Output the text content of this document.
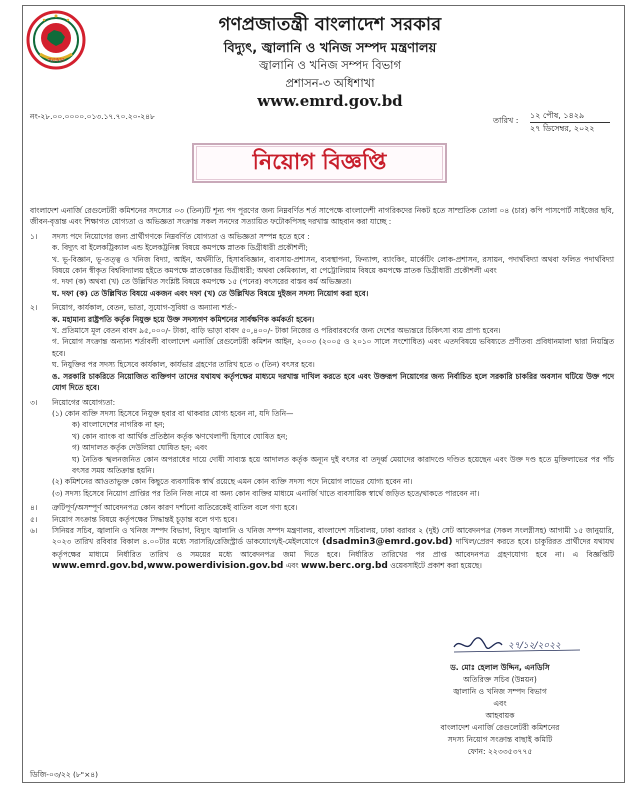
সরকার
গণপ্রজাতন্ত্রী বাংলাদেশ সরকার
বিদ্যুৎ, জ্বালানি ও খনিজ সম্পদ মন্ত্রণালয়
জ্বালানি ও খনিজ সম্পদ বিভাগ
প্রশাসন-৩ অধিশাখা
www.emrd.gov.bd
নং-২৮.০০.০০০০.০১৩.১৭.৭০.২০-২৪৮	তারিখ :
১২ পৌষ, ১৪২৯
২৭ ডিসেম্বর, ২০২২
নিয়োগ বিজ্ঞপ্তি

বাংলাদেশ এনার্জি রেগুলেটরী কমিশনের সদস্যের ০৩ (তিন)টি শূন্য পদ পূরণের জন্য নিম্নবর্ণিত শর্ত সাপেক্ষে বাংলাদেশী নাগরিকদের নিকট হতে সাম্প্রতিক তোলা ০৪ (চার) কপি পাসপোর্ট সাইজের ছবি, জীবন-বৃত্তান্ত এবং শিক্ষাগত যোগ্যতা ও অভিজ্ঞতা সংক্রান্ত সকল সনদের সত্যায়িত ফটোকপিসহ দরখাস্ত আহবান করা যাচ্ছে :

১।	সদস্য পদে নিয়োগের জন্য প্রার্থীগণকে নিম্নবর্ণিত যোগ্যতা ও অভিজ্ঞতা সম্পন্ন হতে হবে :
ক. বিদ্যুৎ বা ইলেকট্রিক্যাল এন্ড ইলেকট্রনিক্স বিষয়ে কমপক্ষে স্নাতক ডিগ্রীধারী প্রকৌশলী;
খ. ভূ-বিজ্ঞান, ভূ-তত্ত্ব ও খনিজ বিদ্যা, আইন, অর্থনীতি, হিসাববিজ্ঞান, ব্যবসায়-প্রশাসন, ব্যবস্থাপনা, ফিন্যান্স, ব্যাংকিং, মার্কেটিং লোক-প্রশাসন, রসায়ন, পদার্থবিদ্যা অথবা ফলিত পদার্থবিদ্যা বিষয়ে কোন স্বীকৃত বিশ্ববিদ্যালয় হইতে কমপক্ষে স্নাতকোত্তর ডিগ্রীধারী; অথবা কেমিক্যাল, বা পেট্রোলিয়াম বিষয়ে কমপক্ষে স্নাতক ডিগ্রীধারী প্রকৌশলী এবং
গ. দফা (ক) অথবা (খ) তে উল্লিখিত সংশ্লিষ্ট বিষয়ে কমপক্ষে ১৫ (পনের) বৎসরের বাস্তব কর্ম অভিজ্ঞতা।
ঘ. দফা (ক) তে উল্লিখিত বিষয়ে একজন এবং দফা (খ) তে উল্লিখিত বিষয়ে দুইজন সদস্য নিয়োগ করা হবে।
২।	নিয়োগ, কার্যকাল, বেতন, ভাতা, সুযোগ-সুবিধা ও অন্যান্য শর্ত:-
ক. মহামান্য রাষ্ট্রপতি কর্তৃক নিযুক্ত হয়ে উক্ত সদস্যগণ কমিশনের সার্বক্ষণিক কর্মকর্তা হবেন।
খ. প্রতিমাসে মূল বেতন বাবদ ৯৫,০০০/- টাকা, বাড়ি ভাড়া বাবদ ৫০,৪০০/- টাকা নিজের ও পরিবারবর্গের জন্য দেশের অভ্যন্তরে চিকিৎসা ব্যয় প্রাপ্য হবেন।
গ. নিয়োগ সংক্রান্ত অন্যান্য শর্তাবলী বাংলাদেশ এনার্জি রেগুলেটরী কমিশন আইন, ২০০৩ (২০০৫ ও ২০১০ সালে সংশোধিত) এবং এতদবিষয়ে ভবিষ্যতে প্রণীতব্য প্রবিধানমালা দ্বারা নিয়ন্ত্রিত হবে।
ঘ. নিযুক্তির পর সদস্য হিসেবে কার্যকাল, কার্যভার গ্রহণের তারিখ হতে ৩ (তিন) বৎসর হবে।
ঙ. সরকারি চাকরিতে নিয়োজিত ব্যক্তিগণ তাদের যথাযথ কর্তৃপক্ষের মাধ্যমে দরখাস্ত দাখিল করতে হবে এবং উক্তরূপ নিয়োগের জন্য নির্বাচিত হলে সরকারি চাকরির অবসান ঘটিয়ে উক্ত পদে যোগ দিতে হবে।
৩।	নিয়োগের অযোগ্যতা:
(১) কোন ব্যক্তি সদস্য হিসেবে নিযুক্ত হবার বা থাকবার যোগ্য হবেন না, যদি তিনি—
ক) বাংলাদেশের নাগরিক না হন;
খ) কোন ব্যাংক বা আর্থিক প্রতিষ্ঠান কর্তৃক ঋণখেলাপী হিসাবে ঘোষিত হন;
গ) আদালত কর্তৃক দেউলিয়া ঘোষিত হন; এবং
ঘ) নৈতিক স্খলনজনিত কোন অপরাধের দায়ে দোষী সাব্যস্ত হয়ে আদালত কর্তৃক অন্যূন দুই বৎসর বা তদূর্ধ্ব মেয়াদের কারাদণ্ডে দণ্ডিত হয়েছেন এবং উক্ত দণ্ড হতে মুক্তিলাভের পর পাঁচ বৎসর সময় অতিক্রান্ত হয়নি।
(২) কমিশনের আওতাভুক্ত কোন কিছুতে ব্যবসায়িক স্বার্থ রয়েছে এমন কোন ব্যক্তি সদস্য পদে নিয়োগ লাভের যোগ্য হবেন না।
(৩) সদস্য হিসেবে নিয়োগ প্রাপ্তির পর তিনি নিজ নামে বা অন্য কোন ব্যক্তির মাধ্যমে এনার্জি খাতে ব্যবসায়িক স্বার্থে জড়িত হতে/থাকতে পারবেন না।
৪।	ত্রুটিপূর্ণ/অসম্পূর্ণ আবেদনপত্র কোন কারণ দর্শানো ব্যতিরেকেই বাতিল বলে গণ্য হবে।
৫।	নিয়োগ সংক্রান্ত বিষয়ে কর্তৃপক্ষের সিদ্ধান্তই চূড়ান্ত বলে গণ্য হবে।
৬।	সিনিয়র সচিব, জ্বালানি ও খনিজ সম্পদ বিভাগ, বিদ্যুৎ জ্বালানি ও খনিজ সম্পদ মন্ত্রণালয়, বাংলাদেশ সচিবালয়, ঢাকা বরাবর ২ (দুই) সেট আবেদনপত্র (সকল সংলগ্নীসহ) আগামী ১৫ জানুয়ারি, ২০২৩ তারিখ রবিবার বিকাল ৪.০০টার মধ্যে সরাসরি/রেজিস্ট্রার্ড ডাকযোগে/ই-মেইলযোগে (dsadmin3@emrd.gov.bd) দাখিল/প্রেরণ করতে হবে। চাকুরিরত প্রার্থীদের যথাযথ কর্তৃপক্ষের মাধ্যমে নির্ধারিত তারিখ ও সময়ের মধ্যে আবেদনপত্র জমা দিতে হবে। নির্ধারিত তারিখের পর প্রাপ্ত আবেদনপত্র গ্রহণযোগ্য হবে না। এ বিজ্ঞপ্তিটি www.emrd.gov.bd,www.powerdivision.gov.bd এবং www.berc.org.bd ওয়েবসাইটে প্রকাশ করা হয়েছে।
২৭/১২/২০২২
ড. মোঃ হেলাল উদ্দিন, এনডিসি
অতিরিক্ত সচিব (উন্নয়ন)
জ্বালানি ও খনিজ সম্পদ বিভাগ
এবং
আহবায়ক
বাংলাদেশ এনার্জি রেগুলেটরী কমিশনের
সদস্য নিয়োগ সংক্রান্ত বাছাই কমিটি
ফোন: ২২৩৩৫৩৭৭৫
ডিজি-০৩/২২ (৮"×৪)
